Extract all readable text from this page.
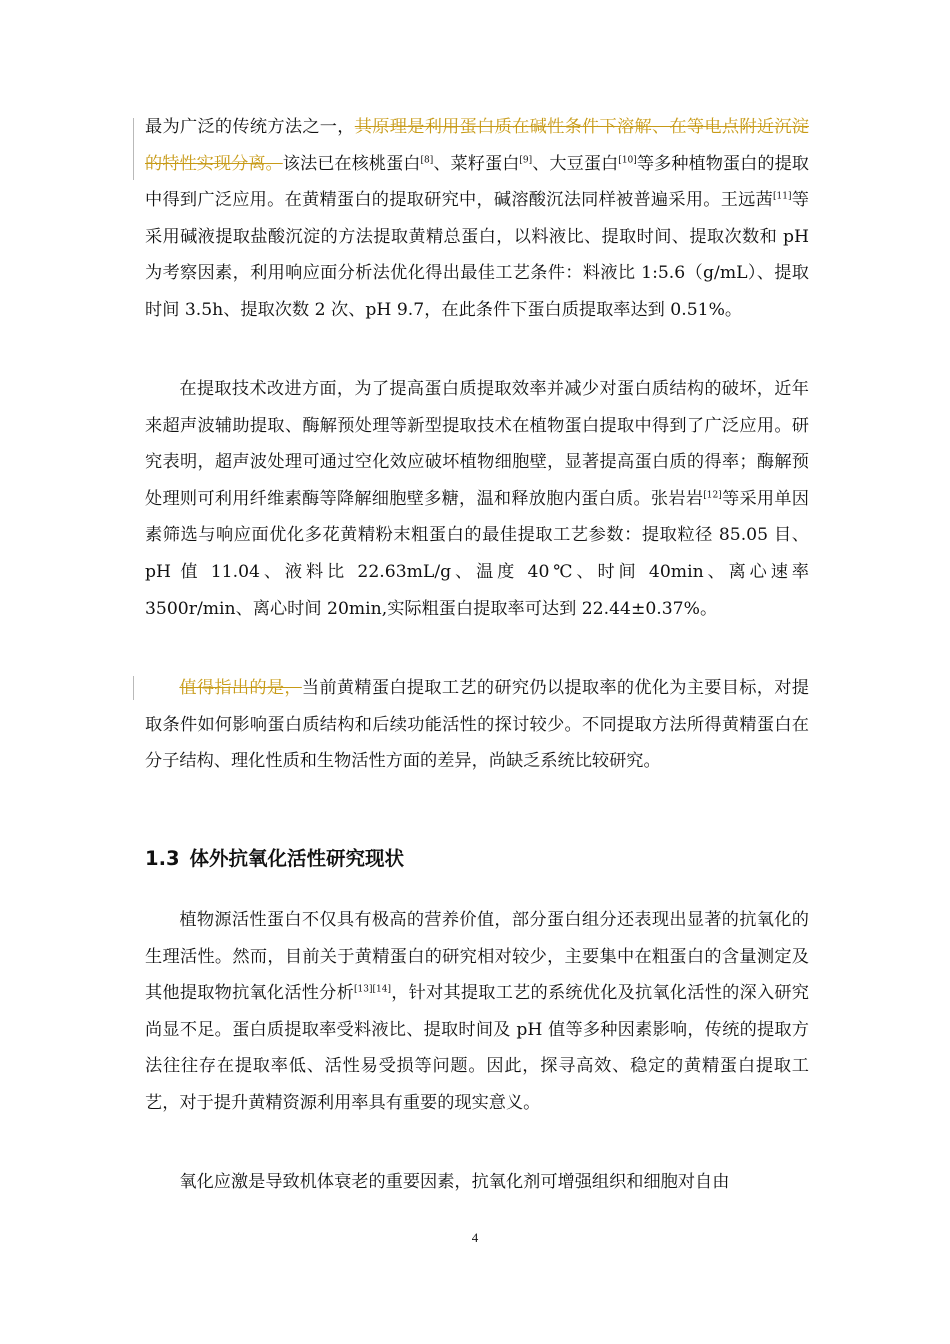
最为广泛的传统方法之一，其原理是利用蛋白质在碱性条件下溶解、在等电点附近沉淀的特性实现分离。该法已在核桃蛋白[8]、菜籽蛋白[9]、大豆蛋白[10]等多种植物蛋白的提取中得到广泛应用。在黄精蛋白的提取研究中，碱溶酸沉法同样被普遍采用。王远茜[11]等采用碱液提取盐酸沉淀的方法提取黄精总蛋白，以料液比、提取时间、提取次数和 pH 为考察因素，利用响应面分析法优化得出最佳工艺条件：料液比 1:5.6（g/mL）、提取时间 3.5h、提取次数 2 次、pH 9.7，在此条件下蛋白质提取率达到 0.51%。

在提取技术改进方面，为了提高蛋白质提取效率并减少对蛋白质结构的破坏，近年来超声波辅助提取、酶解预处理等新型提取技术在植物蛋白提取中得到了广泛应用。研究表明，超声波处理可通过空化效应破坏植物细胞壁，显著提高蛋白质的得率；酶解预处理则可利用纤维素酶等降解细胞壁多糖，温和释放胞内蛋白质。张岩岩[12]等采用单因素筛选与响应面优化多花黄精粉末粗蛋白的最佳提取工艺参数：提取粒径 85.05 目、pH 值 11.04、液料比 22.63mL/g、温度 40℃、时间 40min、离心速率 3500r/min、离心时间 20min,实际粗蛋白提取率可达到 22.44±0.37%。

值得指出的是，当前黄精蛋白提取工艺的研究仍以提取率的优化为主要目标，对提取条件如何影响蛋白质结构和后续功能活性的探讨较少。不同提取方法所得黄精蛋白在分子结构、理化性质和生物活性方面的差异，尚缺乏系统比较研究。

1.3 体外抗氧化活性研究现状

植物源活性蛋白不仅具有极高的营养价值，部分蛋白组分还表现出显著的抗氧化的生理活性。然而，目前关于黄精蛋白的研究相对较少，主要集中在粗蛋白的含量测定及其他提取物抗氧化活性分析[13][14]，针对其提取工艺的系统优化及抗氧化活性的深入研究尚显不足。蛋白质提取率受料液比、提取时间及 pH 值等多种因素影响，传统的提取方法往往存在提取率低、活性易受损等问题。因此，探寻高效、稳定的黄精蛋白提取工艺，对于提升黄精资源利用率具有重要的现实意义。

氧化应激是导致机体衰老的重要因素，抗氧化剂可增强组织和细胞对自由

4
